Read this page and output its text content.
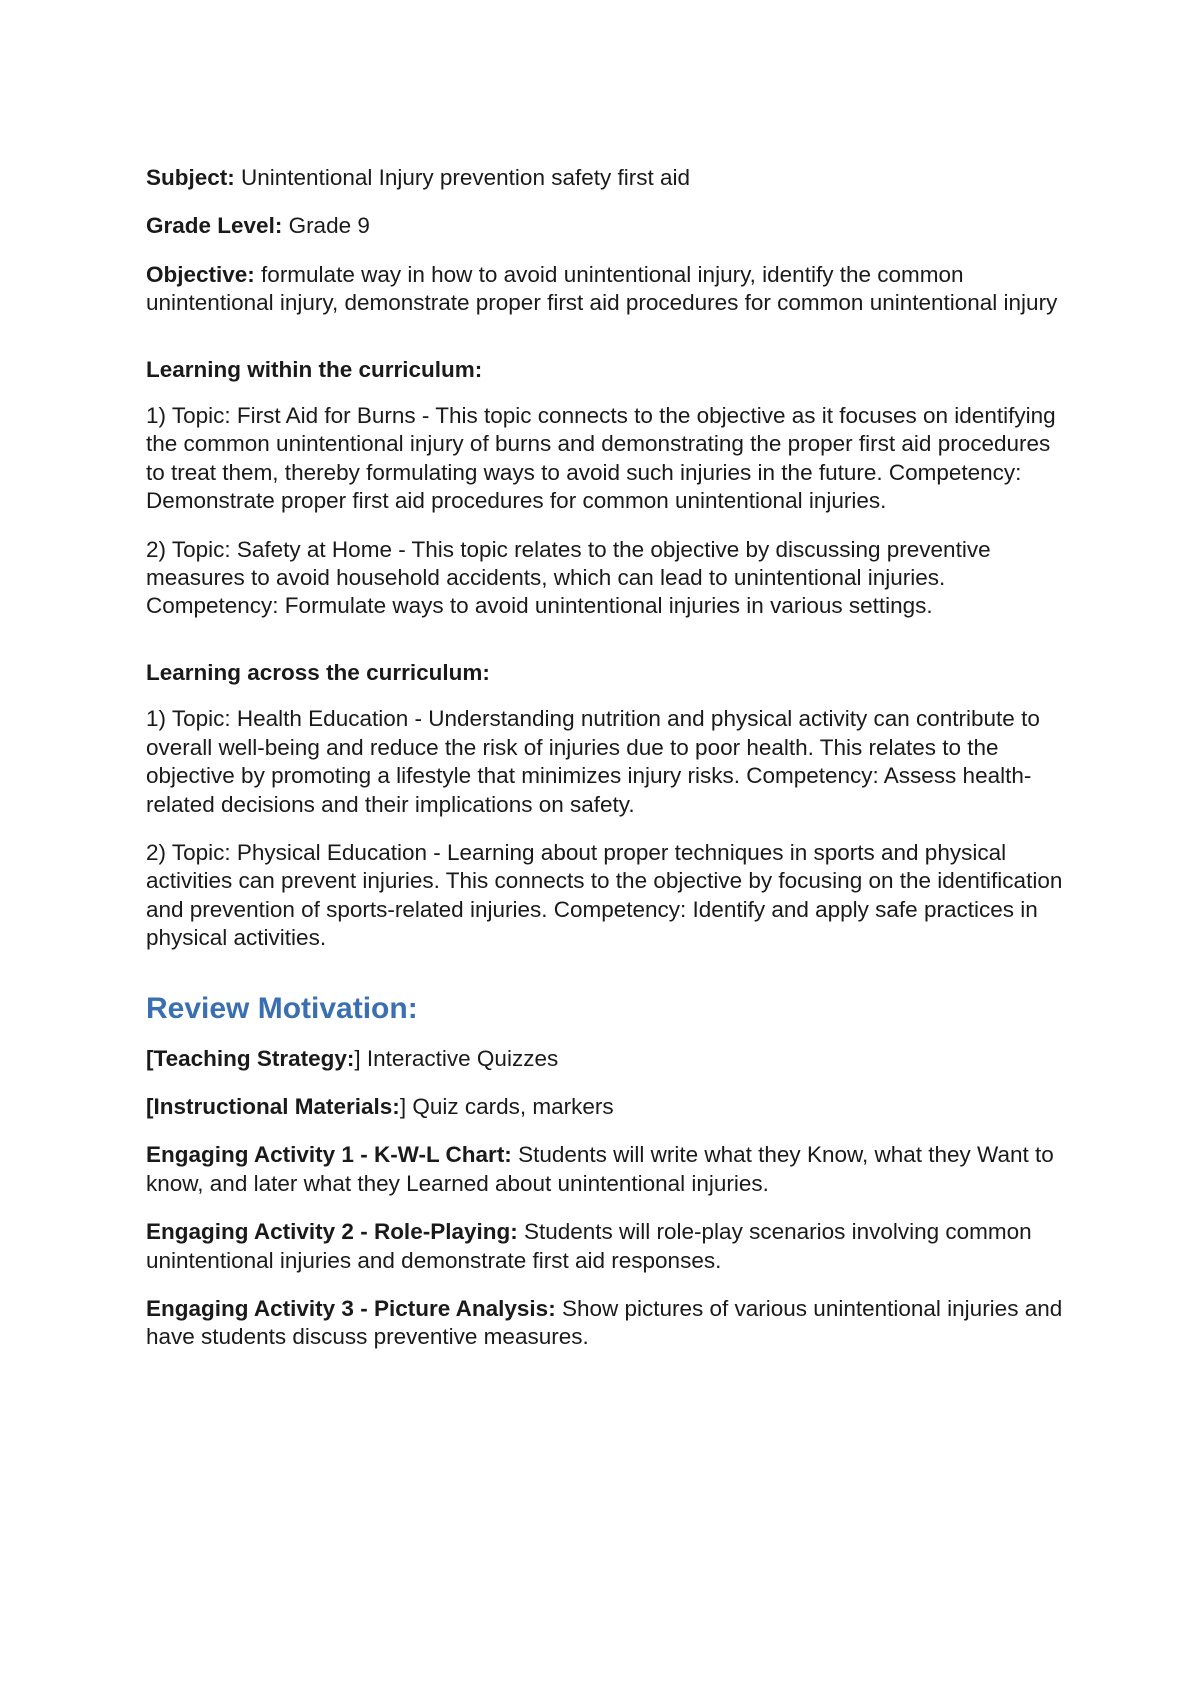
Subject: Unintentional Injury prevention safety first aid

Grade Level: Grade 9

Objective: formulate way in how to avoid unintentional injury, identify the common unintentional injury, demonstrate proper first aid procedures for common unintentional injury

Learning within the curriculum:

1) Topic: First Aid for Burns - This topic connects to the objective as it focuses on identifying the common unintentional injury of burns and demonstrating the proper first aid procedures to treat them, thereby formulating ways to avoid such injuries in the future. Competency: Demonstrate proper first aid procedures for common unintentional injuries.

2) Topic: Safety at Home - This topic relates to the objective by discussing preventive measures to avoid household accidents, which can lead to unintentional injuries. Competency: Formulate ways to avoid unintentional injuries in various settings.

Learning across the curriculum:

1) Topic: Health Education - Understanding nutrition and physical activity can contribute to overall well-being and reduce the risk of injuries due to poor health. This relates to the objective by promoting a lifestyle that minimizes injury risks. Competency: Assess health-related decisions and their implications on safety.

2) Topic: Physical Education - Learning about proper techniques in sports and physical activities can prevent injuries. This connects to the objective by focusing on the identification and prevention of sports-related injuries. Competency: Identify and apply safe practices in physical activities.

Review Motivation:

[Teaching Strategy:] Interactive Quizzes

[Instructional Materials:] Quiz cards, markers

Engaging Activity 1 - K-W-L Chart: Students will write what they Know, what they Want to know, and later what they Learned about unintentional injuries.

Engaging Activity 2 - Role-Playing: Students will role-play scenarios involving common unintentional injuries and demonstrate first aid responses.

Engaging Activity 3 - Picture Analysis: Show pictures of various unintentional injuries and have students discuss preventive measures.
